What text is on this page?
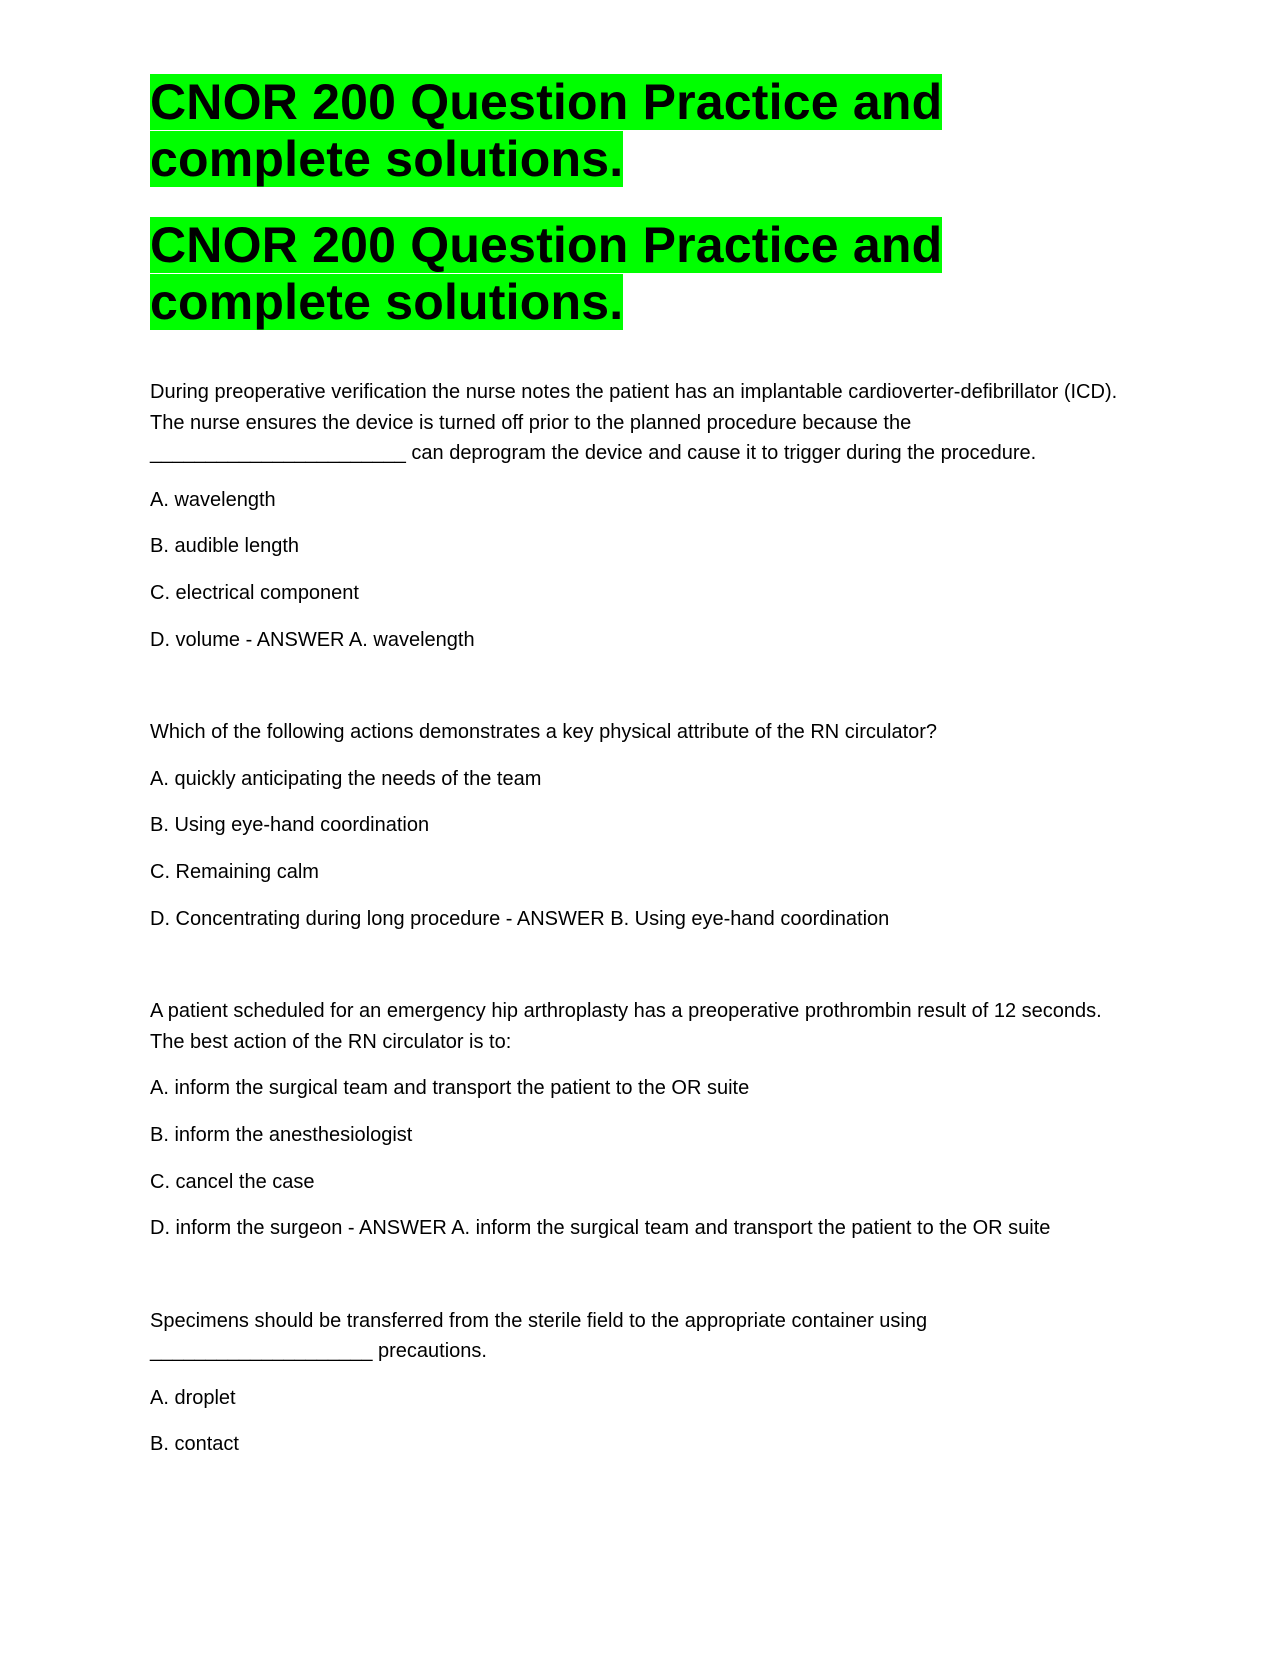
CNOR 200 Question Practice and complete solutions.
CNOR 200 Question Practice and complete solutions.

During preoperative verification the nurse notes the patient has an implantable cardioverter-defibrillator (ICD). The nurse ensures the device is turned off prior to the planned procedure because the _______________________ can deprogram the device and cause it to trigger during the procedure.

A. wavelength

B. audible length

C. electrical component

D. volume - ANSWER A. wavelength

Which of the following actions demonstrates a key physical attribute of the RN circulator?

A. quickly anticipating the needs of the team

B. Using eye-hand coordination

C. Remaining calm

D. Concentrating during long procedure - ANSWER B. Using eye-hand coordination

A patient scheduled for an emergency hip arthroplasty has a preoperative prothrombin result of 12 seconds. The best action of the RN circulator is to:

A. inform the surgical team and transport the patient to the OR suite

B. inform the anesthesiologist

C. cancel the case

D. inform the surgeon - ANSWER A. inform the surgical team and transport the patient to the OR suite

Specimens should be transferred from the sterile field to the appropriate container using ____________________ precautions.

A. droplet

B. contact
